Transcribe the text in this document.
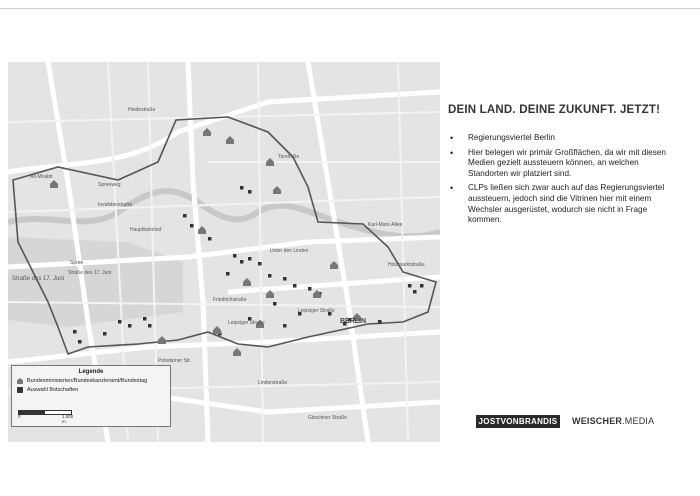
BERLIN
Straße des 17. Juni
Straße des 17. Juni
Alt-Moabit
Torstraße
Leipziger Straße
Leipziger Straße
Unter den Linden
Gitschiner Straße
Spree
Invalidenstraße
Friedrichstraße
Hauptbahnhof
Potsdamer Str.
Karl-Marx-Allee
Lindenstraße
Heidestraße
Spreeweg
Holzmarktstraße
Legende
Bundesministerien/Bundeskanzleramt/Bundestag
Auswahl Botschaften
0	1.000 m
DEIN LAND. DEINE ZUKUNFT. JETZT!
• Regierungsviertel Berlin
• Hier belegen wir primär Großflächen, da wir mit diesen Medien gezielt aussteuern können, an welchen Standorten wir platziert sind.
• CLPs ließen sich zwar auch auf das Regierungsviertel aussteuern, jedoch sind die Vitrinen hier mit einem Wechsler ausgerüstet, wodurch sie nicht in Frage kommen.
JOSTVONBRANDIS WEISCHER.MEDIA
